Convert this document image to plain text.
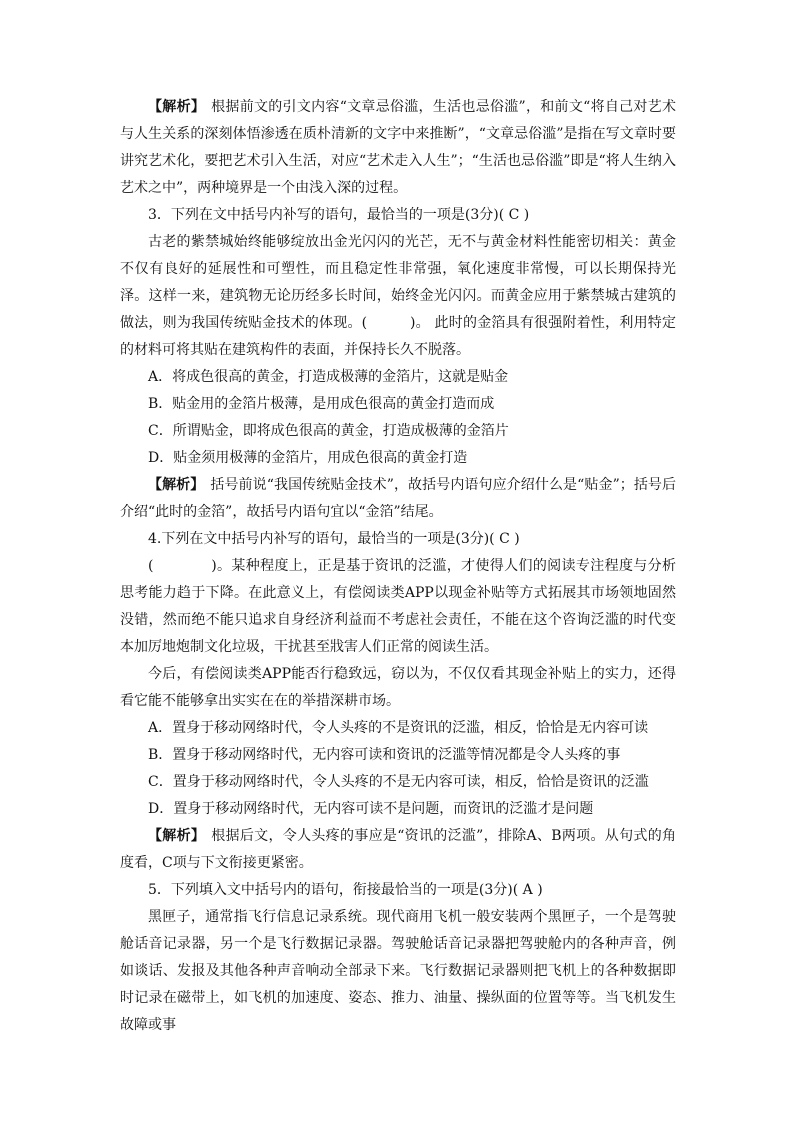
【解析】 根据前文的引文内容“文章忌俗滥，生活也忌俗滥”，和前文“将自己对艺术与人生关系的深刻体悟渗透在质朴清新的文字中来推断”，“文章忌俗滥”是指在写文章时要讲究艺术化，要把艺术引入生活，对应“艺术走入人生”；“生活也忌俗滥”即是“将人生纳入艺术之中”，两种境界是一个由浅入深的过程。

3．下列在文中括号内补写的语句，最恰当的一项是(3分)( C )

古老的紫禁城始终能够绽放出金光闪闪的光芒，无不与黄金材料性能密切相关：黄金不仅有良好的延展性和可塑性，而且稳定性非常强，氧化速度非常慢，可以长期保持光泽。这样一来，建筑物无论历经多长时间，始终金光闪闪。而黄金应用于紫禁城古建筑的做法，则为我国传统贴金技术的体现。(　　　)。 此时的金箔具有很强附着性，利用特定的材料可将其贴在建筑构件的表面，并保持长久不脱落。

A．将成色很高的黄金，打造成极薄的金箔片，这就是贴金

B．贴金用的金箔片极薄，是用成色很高的黄金打造而成

C．所谓贴金，即将成色很高的黄金，打造成极薄的金箔片

D．贴金须用极薄的金箔片，用成色很高的黄金打造

【解析】 括号前说“我国传统贴金技术”，故括号内语句应介绍什么是“贴金”；括号后介绍“此时的金箔”，故括号内语句宜以“金箔”结尾。

4.下列在文中括号内补写的语句，最恰当的一项是(3分)( C )

(　　　　)。某种程度上，正是基于资讯的泛滥，才使得人们的阅读专注程度与分析思考能力趋于下降。在此意义上，有偿阅读类APP以现金补贴等方式拓展其市场领地固然没错，然而绝不能只追求自身经济利益而不考虑社会责任，不能在这个咨询泛滥的时代变本加厉地炮制文化垃圾，干扰甚至戕害人们正常的阅读生活。

今后，有偿阅读类APP能否行稳致远，窃以为，不仅仅看其现金补贴上的实力，还得看它能不能够拿出实实在在的举措深耕市场。

A．置身于移动网络时代，令人头疼的不是资讯的泛滥，相反，恰恰是无内容可读

B．置身于移动网络时代，无内容可读和资讯的泛滥等情况都是令人头疼的事

C．置身于移动网络时代，令人头疼的不是无内容可读，相反，恰恰是资讯的泛滥

D．置身于移动网络时代，无内容可读不是问题，而资讯的泛滥才是问题

【解析】 根据后文，令人头疼的事应是“资讯的泛滥”，排除A、B两项。从句式的角度看，C项与下文衔接更紧密。

5．下列填入文中括号内的语句，衔接最恰当的一项是(3分)( A )

黑匣子，通常指飞行信息记录系统。现代商用飞机一般安装两个黑匣子，一个是驾驶舱话音记录器，另一个是飞行数据记录器。驾驶舱话音记录器把驾驶舱内的各种声音，例如谈话、发报及其他各种声音响动全部录下来。飞行数据记录器则把飞机上的各种数据即时记录在磁带上，如飞机的加速度、姿态、推力、油量、操纵面的位置等等。当飞机发生故障或事
